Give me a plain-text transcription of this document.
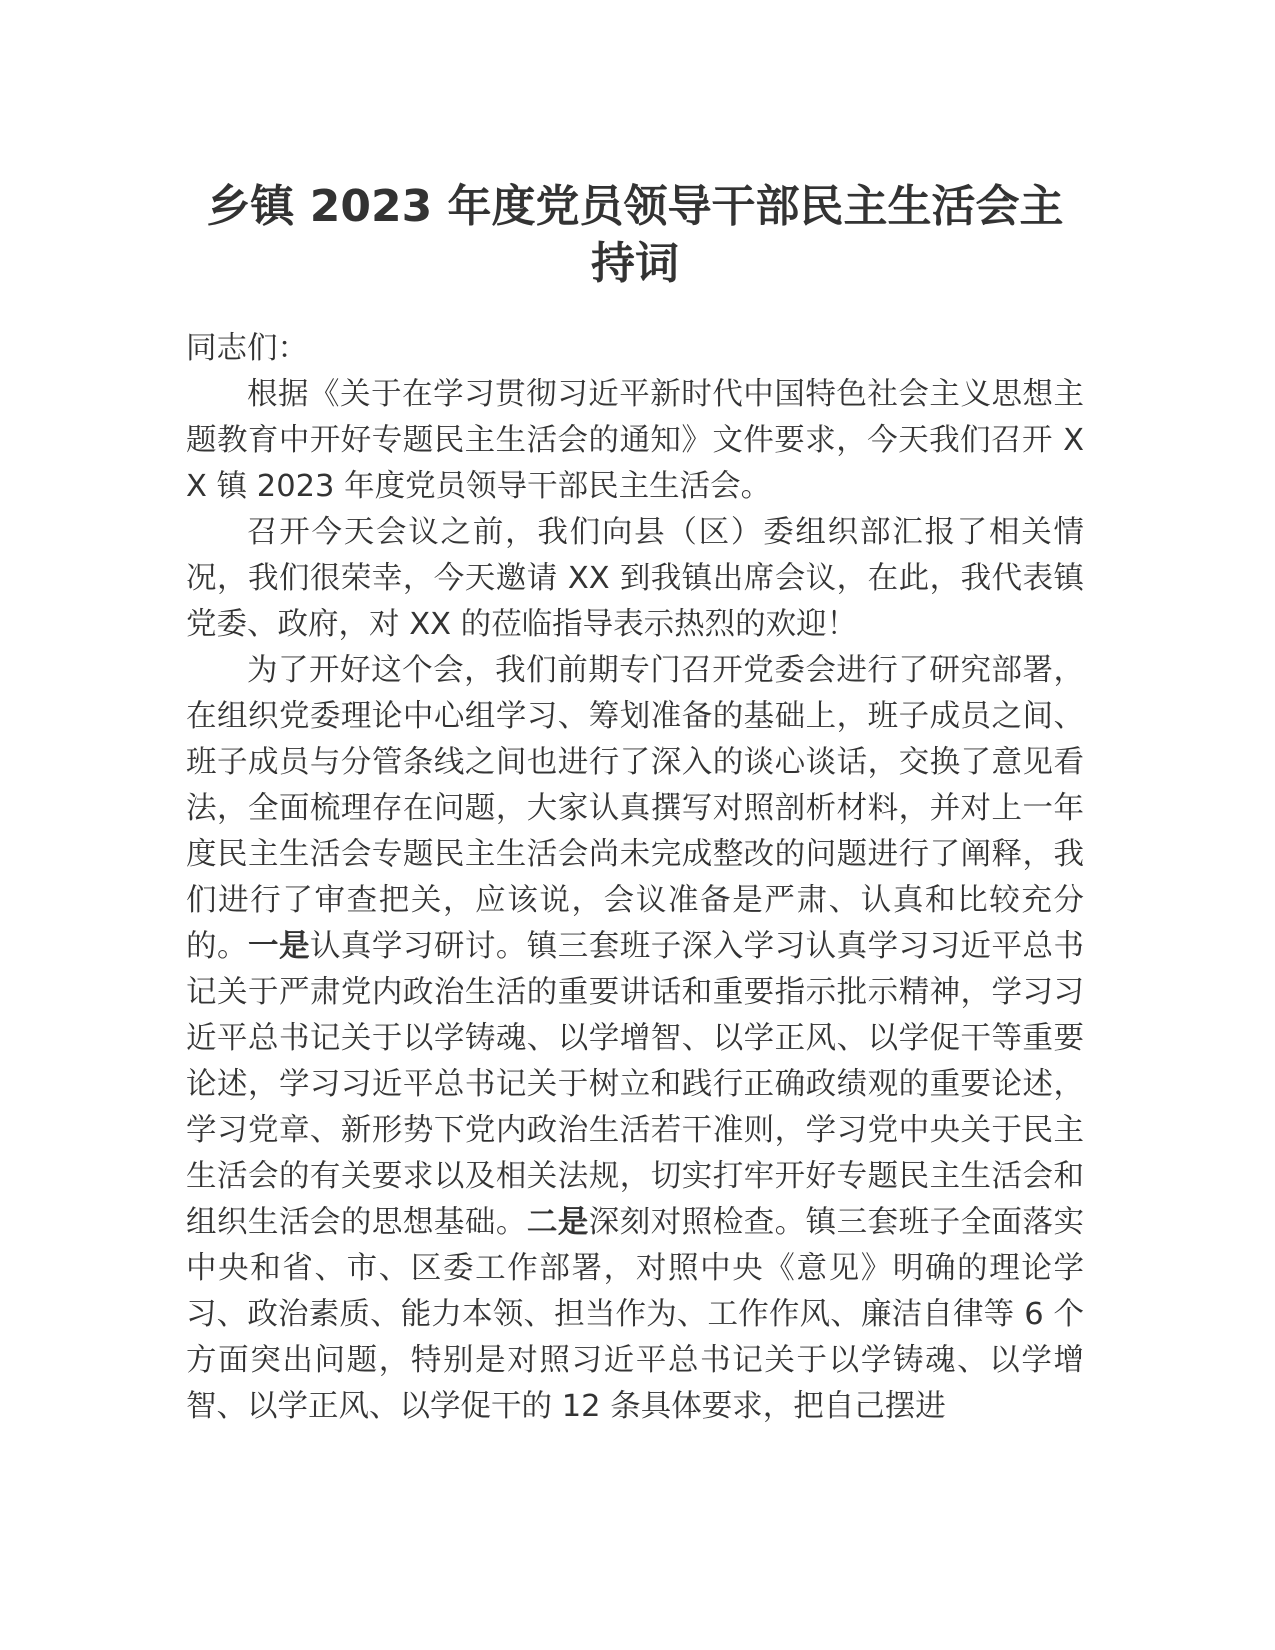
乡镇 2023 年度党员领导干部民主生活会主持词

同志们：

根据《关于在学习贯彻习近平新时代中国特色社会主义思想主题教育中开好专题民主生活会的通知》文件要求，今天我们召开 XX 镇 2023 年度党员领导干部民主生活会。

召开今天会议之前，我们向县（区）委组织部汇报了相关情况，我们很荣幸，今天邀请 XX 到我镇出席会议，在此，我代表镇党委、政府，对 XX 的莅临指导表示热烈的欢迎！

为了开好这个会，我们前期专门召开党委会进行了研究部署，在组织党委理论中心组学习、筹划准备的基础上，班子成员之间、班子成员与分管条线之间也进行了深入的谈心谈话，交换了意见看法，全面梳理存在问题，大家认真撰写对照剖析材料，并对上一年度民主生活会专题民主生活会尚未完成整改的问题进行了阐释，我们进行了审查把关，应该说，会议准备是严肃、认真和比较充分的。一是认真学习研讨。镇三套班子深入学习认真学习习近平总书记关于严肃党内政治生活的重要讲话和重要指示批示精神，学习习近平总书记关于以学铸魂、以学增智、以学正风、以学促干等重要论述，学习习近平总书记关于树立和践行正确政绩观的重要论述，学习党章、新形势下党内政治生活若干准则，学习党中央关于民主生活会的有关要求以及相关法规，切实打牢开好专题民主生活会和组织生活会的思想基础。二是深刻对照检查。镇三套班子全面落实中央和省、市、区委工作部署，对照中央《意见》明确的理论学习、政治素质、能力本领、担当作为、工作作风、廉洁自律等 6 个方面突出问题，特别是对照习近平总书记关于以学铸魂、以学增智、以学正风、以学促干的 12 条具体要求，把自己摆进
